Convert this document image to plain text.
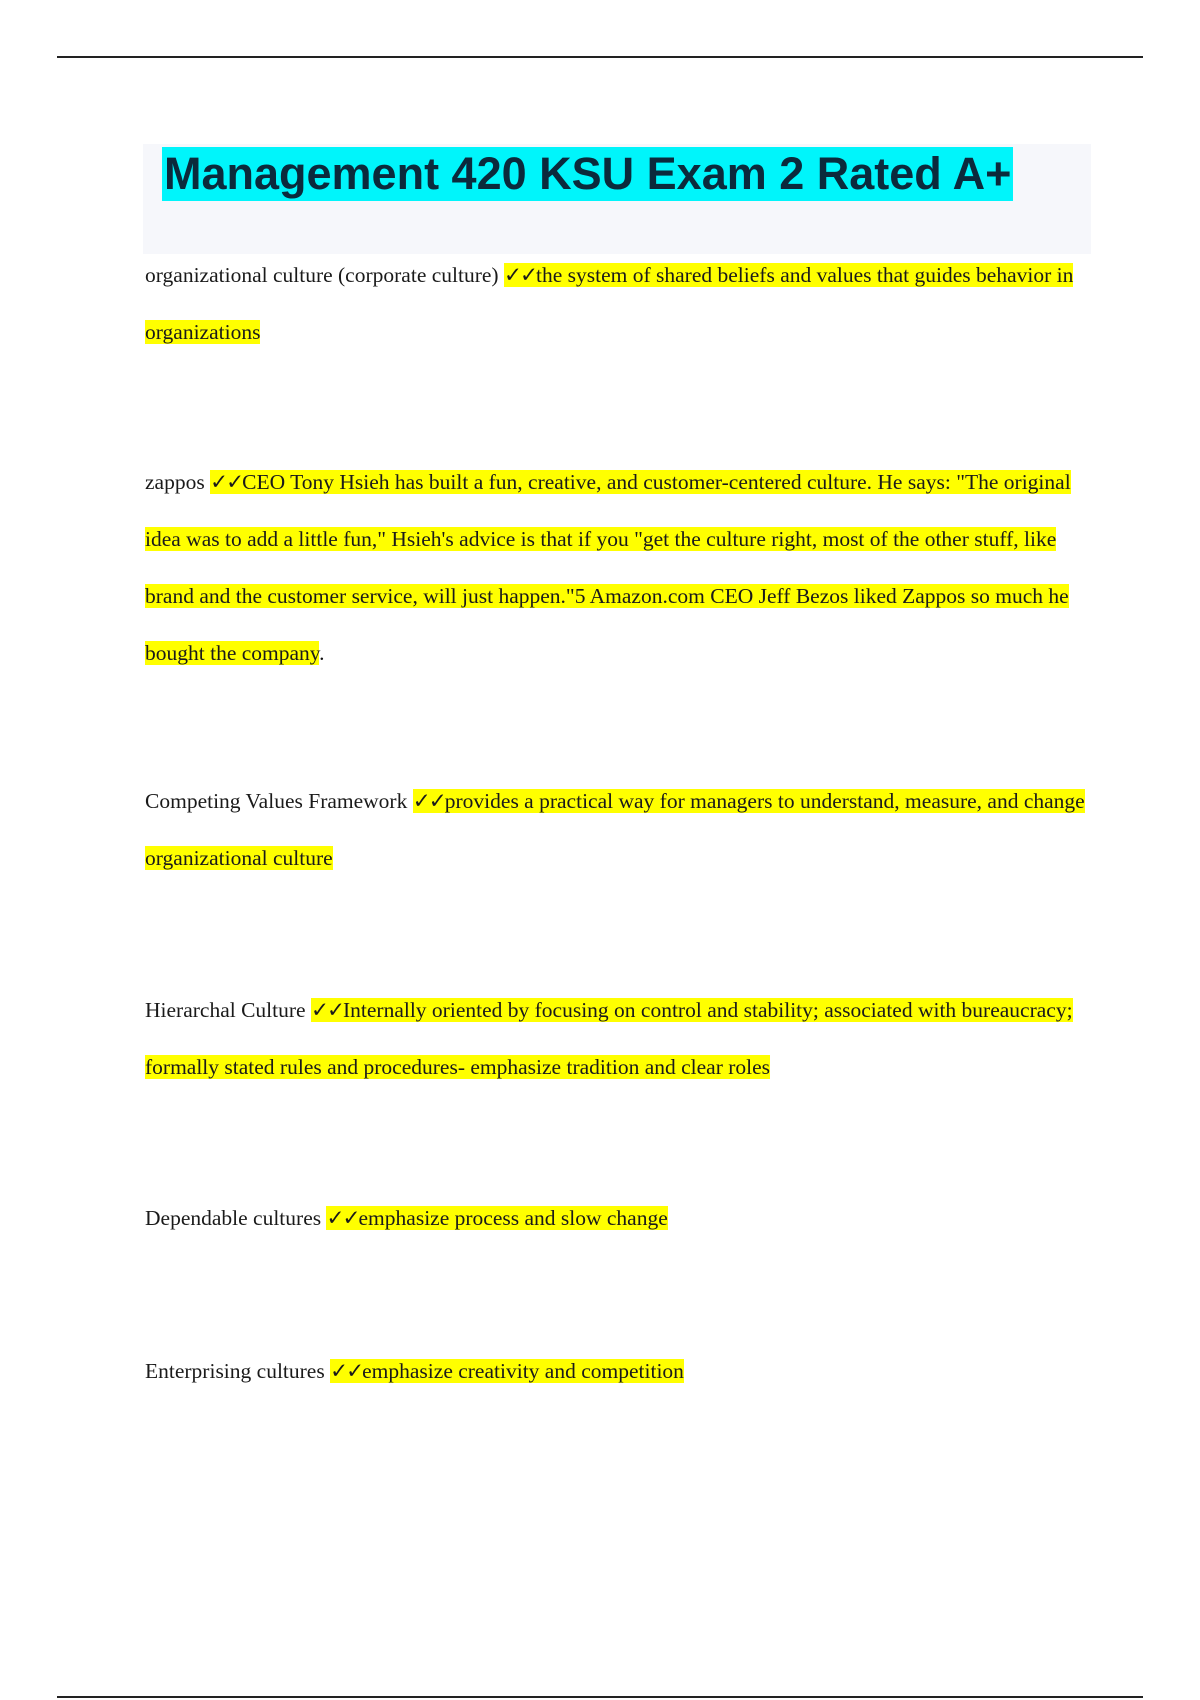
Management 420 KSU Exam 2 Rated A+
organizational culture (corporate culture) ✓✓the system of shared beliefs and values that guides behavior in organizations
zappos ✓✓CEO Tony Hsieh has built a fun, creative, and customer-centered culture. He says: "The original idea was to add a little fun," Hsieh's advice is that if you "get the culture right, most of the other stuff, like brand and the customer service, will just happen."5 Amazon.com CEO Jeff Bezos liked Zappos so much he bought the company.
Competing Values Framework ✓✓provides a practical way for managers to understand, measure, and change organizational culture
Hierarchal Culture ✓✓Internally oriented by focusing on control and stability; associated with bureaucracy; formally stated rules and procedures- emphasize tradition and clear roles
Dependable cultures ✓✓emphasize process and slow change
Enterprising cultures ✓✓emphasize creativity and competition
